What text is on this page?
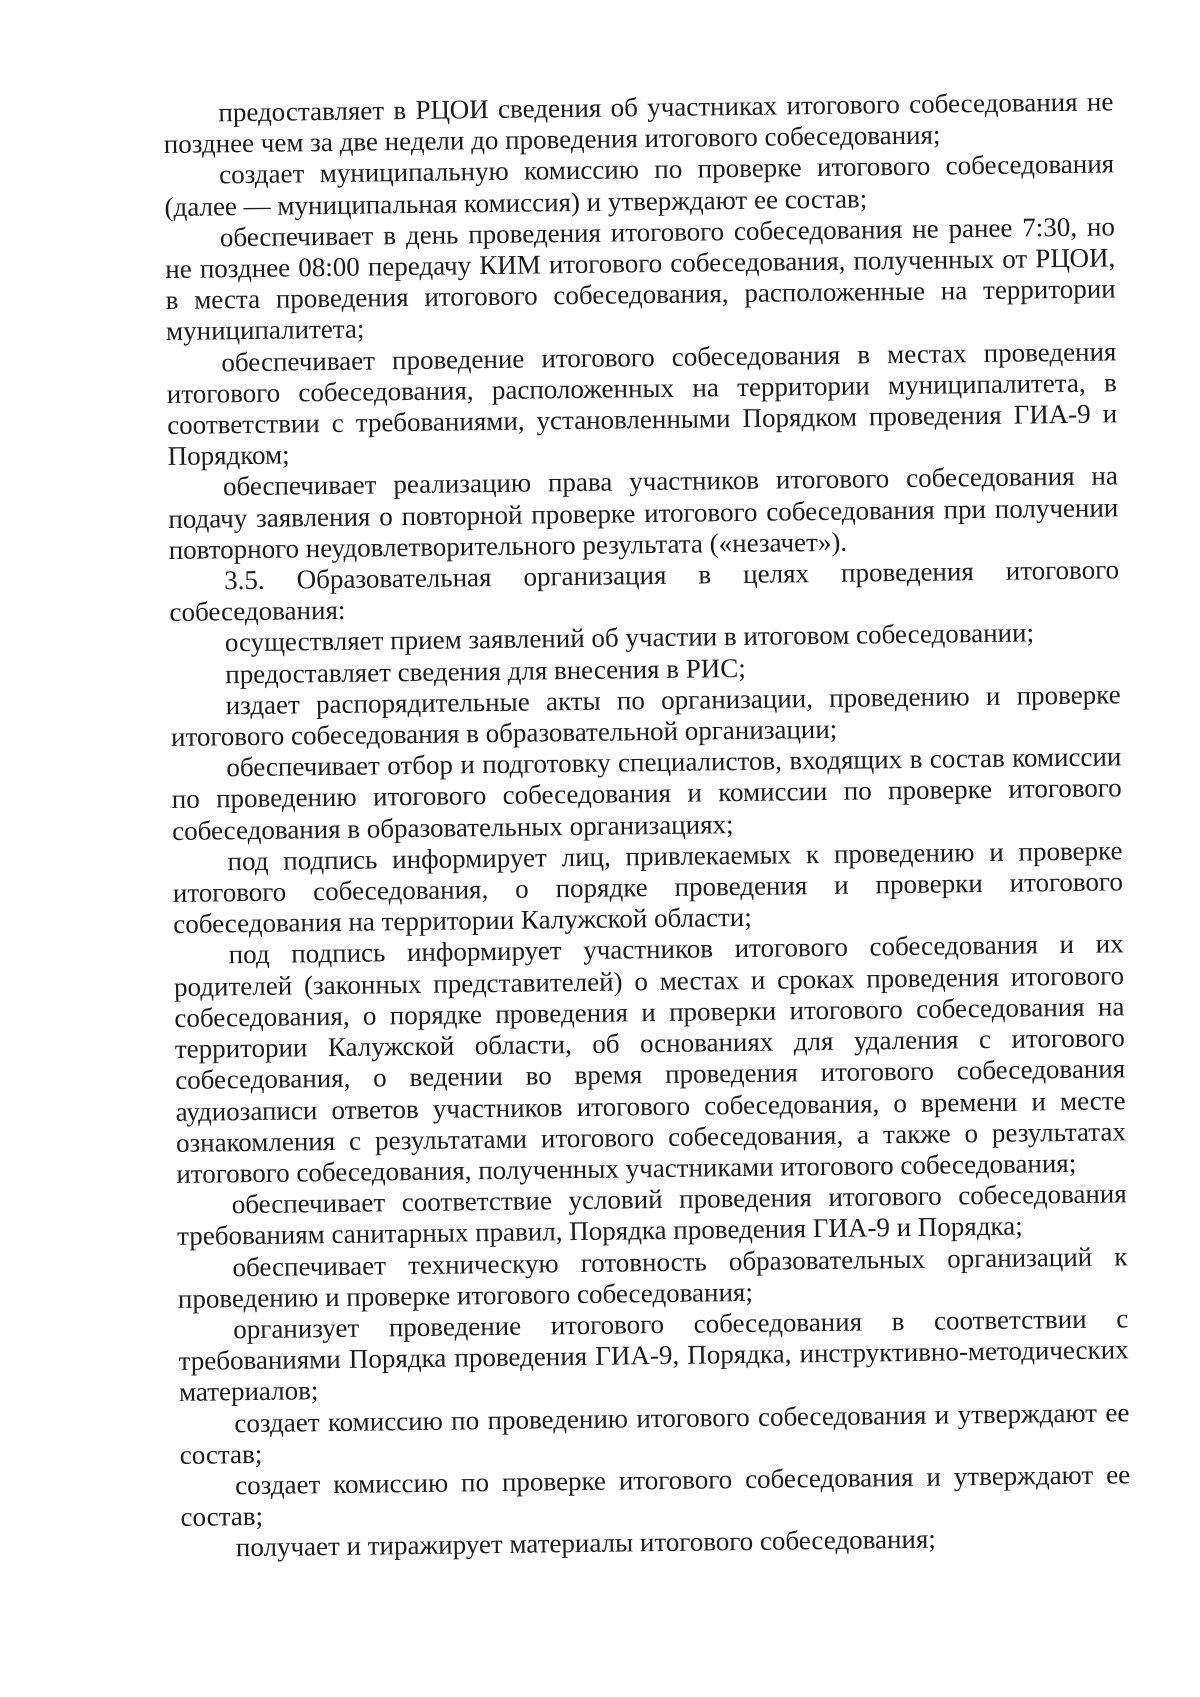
предоставляет в РЦОИ сведения об участниках итогового собеседования не позднее чем за две недели до проведения итогового собеседования;

создает муниципальную комиссию по проверке итогового собеседования (далее — муниципальная комиссия) и утверждают ее состав;

обеспечивает в день проведения итогового собеседования не ранее 7:30, но не позднее 08:00 передачу КИМ итогового собеседования, полученных от РЦОИ, в места проведения итогового собеседования, расположенные на территории муниципалитета;

обеспечивает проведение итогового собеседования в местах проведения итогового собеседования, расположенных на территории муниципалитета, в соответствии с требованиями, установленными Порядком проведения ГИА-9 и Порядком;

обеспечивает реализацию права участников итогового собеседования на подачу заявления о повторной проверке итогового собеседования при получении повторного неудовлетворительного результата («незачет»).

3.5. Образовательная организация в целях проведения итогового собеседования:

осуществляет прием заявлений об участии в итоговом собеседовании;

предоставляет сведения для внесения в РИС;

издает распорядительные акты по организации, проведению и проверке итогового собеседования в образовательной организации;

обеспечивает отбор и подготовку специалистов, входящих в состав комиссии по проведению итогового собеседования и комиссии по проверке итогового собеседования в образовательных организациях;

под подпись информирует лиц, привлекаемых к проведению и проверке итогового собеседования, о порядке проведения и проверки итогового собеседования на территории Калужской области;

под подпись информирует участников итогового собеседования и их родителей (законных представителей) о местах и сроках проведения итогового собеседования, о порядке проведения и проверки итогового собеседования на территории Калужской области, об основаниях для удаления с итогового собеседования, о ведении во время проведения итогового собеседования аудиозаписи ответов участников итогового собеседования, о времени и месте ознакомления с результатами итогового собеседования, а также о результатах итогового собеседования, полученных участниками итогового собеседования;

обеспечивает соответствие условий проведения итогового собеседования требованиям санитарных правил, Порядка проведения ГИА-9 и Порядка;

обеспечивает техническую готовность образовательных организаций к проведению и проверке итогового собеседования;

организует проведение итогового собеседования в соответствии с требованиями Порядка проведения ГИА-9, Порядка, инструктивно-методических материалов;

создает комиссию по проведению итогового собеседования и утверждают ее состав;

создает комиссию по проверке итогового собеседования и утверждают ее состав;

получает и тиражирует материалы итогового собеседования;
